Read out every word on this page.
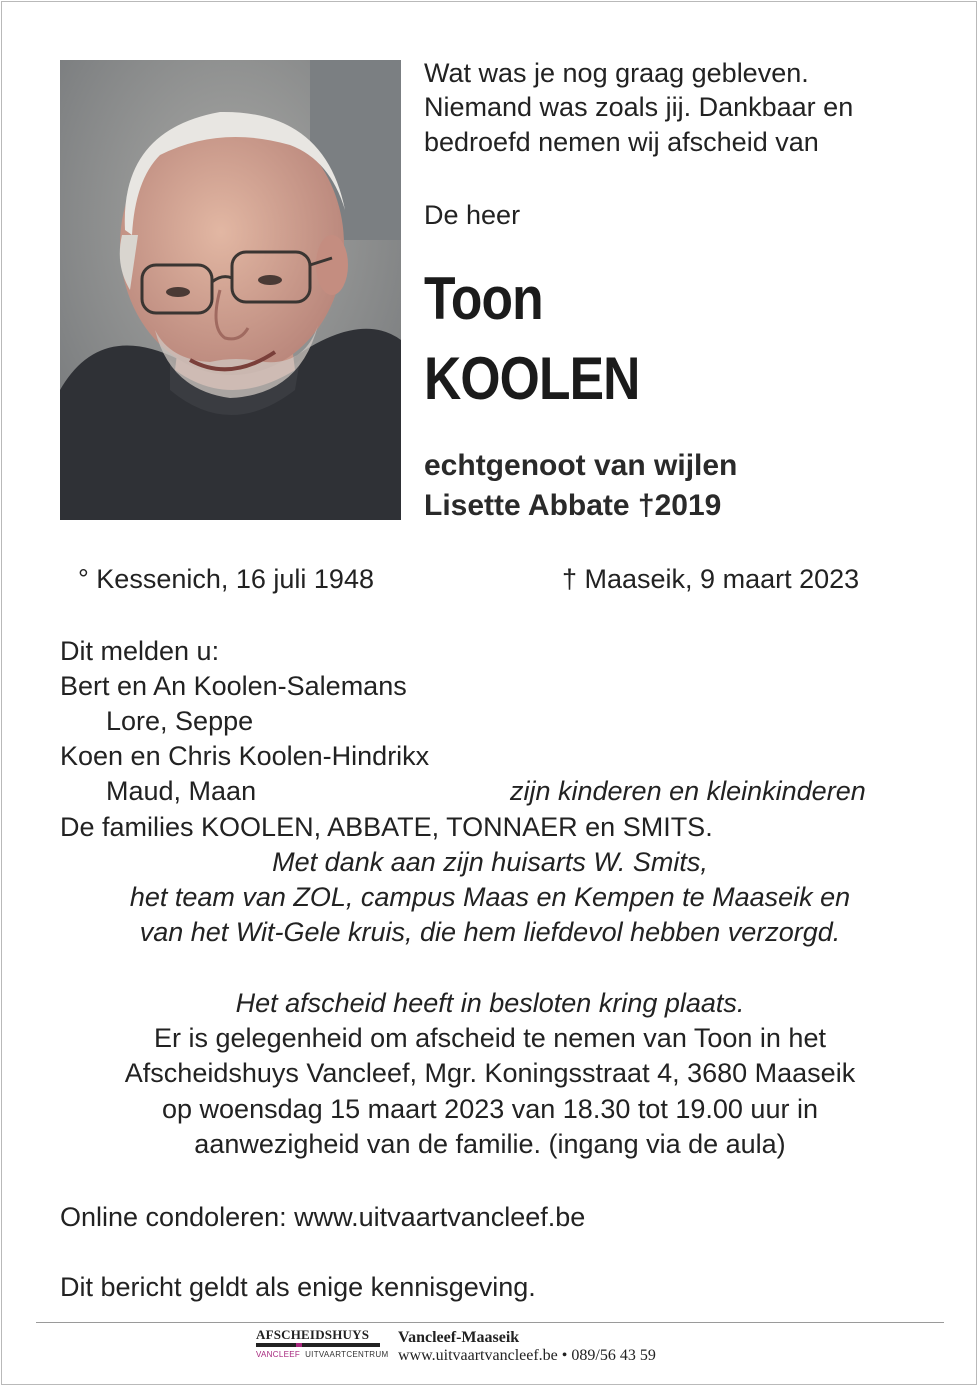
Wat was je nog graag gebleven.
Niemand was zoals jij. Dankbaar en
bedroefd nemen wij afscheid van
De heer
Toon
KOOLEN
echtgenoot van wijlen
Lisette Abbate †2019
° Kessenich, 16 juli 1948	† Maaseik, 9 maart 2023
Dit melden u:
Bert en An Koolen-Salemans
Lore, Seppe
Koen en Chris Koolen-Hindrikx
Maud, Maan	zijn kinderen en kleinkinderen
De families KOOLEN, ABBATE, TONNAER en SMITS.
Met dank aan zijn huisarts W. Smits,
het team van ZOL, campus Maas en Kempen te Maaseik en
van het Wit-Gele kruis, die hem liefdevol hebben verzorgd.
Het afscheid heeft in besloten kring plaats.
Er is gelegenheid om afscheid te nemen van Toon in het
Afscheidshuys Vancleef, Mgr. Koningsstraat 4, 3680 Maaseik
op woensdag 15 maart 2023 van 18.30 tot 19.00 uur in
aanwezigheid van de familie. (ingang via de aula)
Online condoleren: www.uitvaartvancleef.be
Dit bericht geldt als enige kennisgeving.
AFSCHEIDSHUYS
VANCLEEF UITVAARTCENTRUM
Vancleef-Maaseik
www.uitvaartvancleef.be • 089/56 43 59
